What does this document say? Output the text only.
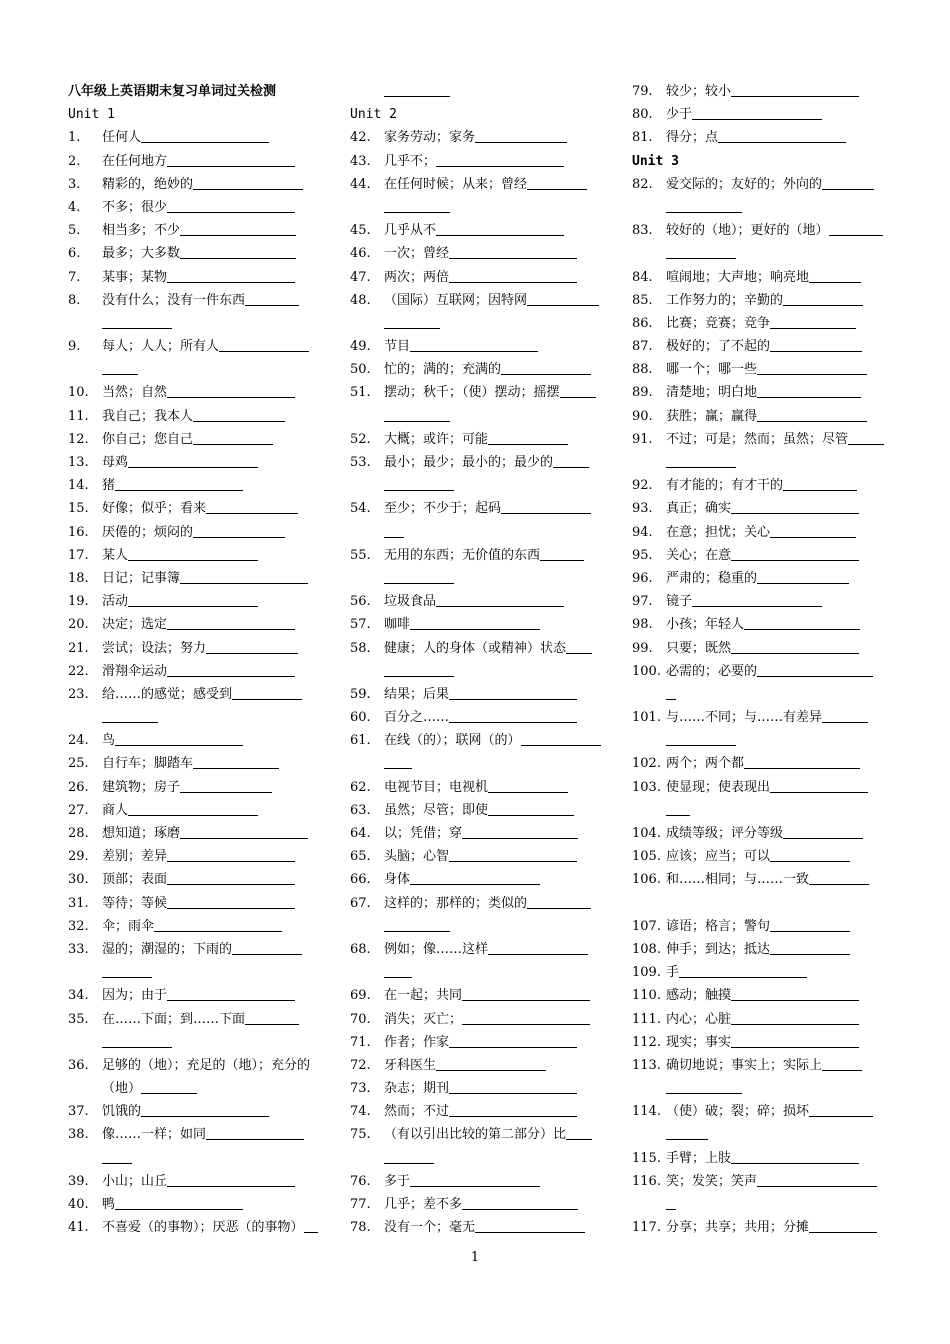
八年级上英语期末复习单词过关检测
Unit 1
1. 任何人
2. 在任何地方
3. 精彩的，绝妙的
4. 不多；很少
5. 相当多；不少
6. 最多；大多数
7. 某事；某物
8. 没有什么；没有一件东西
9. 每人；人人；所有人
10. 当然；自然
11. 我自己；我本人
12. 你自己；您自己
13. 母鸡
14. 猪
15. 好像；似乎；看来
16. 厌倦的；烦闷的
17. 某人
18. 日记；记事簿
19. 活动
20. 决定；选定
21. 尝试；设法；努力
22. 滑翔伞运动
23. 给……的感觉；感受到
24. 鸟
25. 自行车；脚踏车
26. 建筑物；房子
27. 商人
28. 想知道；琢磨
29. 差别；差异
30. 顶部；表面
31. 等待；等候
32. 伞；雨伞
33. 湿的；潮湿的；下雨的
34. 因为；由于
35. 在……下面；到……下面
36. 足够的（地）；充足的（地）；充分的
（地）
37. 饥饿的
38. 像……一样；如同
39. 小山；山丘
40. 鸭
41. 不喜爱（的事物）；厌恶（的事物）
Unit 2
42. 家务劳动；家务
43. 几乎不；
44. 在任何时候；从来；曾经
45. 几乎从不
46. 一次；曾经
47. 两次；两倍
48. （国际）互联网；因特网
49. 节目
50. 忙的；满的；充满的
51. 摆动；秋千；（使）摆动；摇摆
52. 大概；或许；可能
53. 最小；最少；最小的；最少的
54. 至少；不少于；起码
55. 无用的东西；无价值的东西
56. 垃圾食品
57. 咖啡
58. 健康；人的身体（或精神）状态
59. 结果；后果
60. 百分之……
61. 在线（的）；联网（的）
62. 电视节目；电视机
63. 虽然；尽管；即使
64. 以；凭借；穿
65. 头脑；心智
66. 身体
67. 这样的；那样的；类似的
68. 例如；像……这样
69. 在一起；共同
70. 消失；灭亡；
71. 作者；作家
72. 牙科医生
73. 杂志；期刊
74. 然而；不过
75. （有以引出比较的第二部分）比
76. 多于
77. 几乎；差不多
78. 没有一个；毫无
79. 较少；较小
80. 少于
81. 得分；点
Unit 3
82. 爱交际的；友好的；外向的
83. 较好的（地）；更好的（地）
84. 喧闹地；大声地；响亮地
85. 工作努力的；辛勤的
86. 比赛；竞赛；竞争
87. 极好的；了不起的
88. 哪一个；哪一些
89. 清楚地；明白地
90. 获胜；赢；赢得
91. 不过；可是；然而；虽然；尽管
92. 有才能的；有才干的
93. 真正；确实
94. 在意；担忧；关心
95. 关心；在意
96. 严肃的；稳重的
97. 镜子
98. 小孩；年轻人
99. 只要；既然
100. 必需的；必要的
101. 与……不同；与……有差异
102. 两个；两个都
103. 使显现；使表现出
104. 成绩等级；评分等级
105. 应该；应当；可以
106. 和……相同；与……一致
107. 谚语；格言；警句
108. 伸手；到达；抵达
109. 手
110. 感动；触摸
111. 内心；心脏
112. 现实；事实
113. 确切地说；事实上；实际上
114. （使）破；裂；碎；损坏
115. 手臂；上肢
116. 笑；发笑；笑声
117. 分享；共享；共用；分摊
1
